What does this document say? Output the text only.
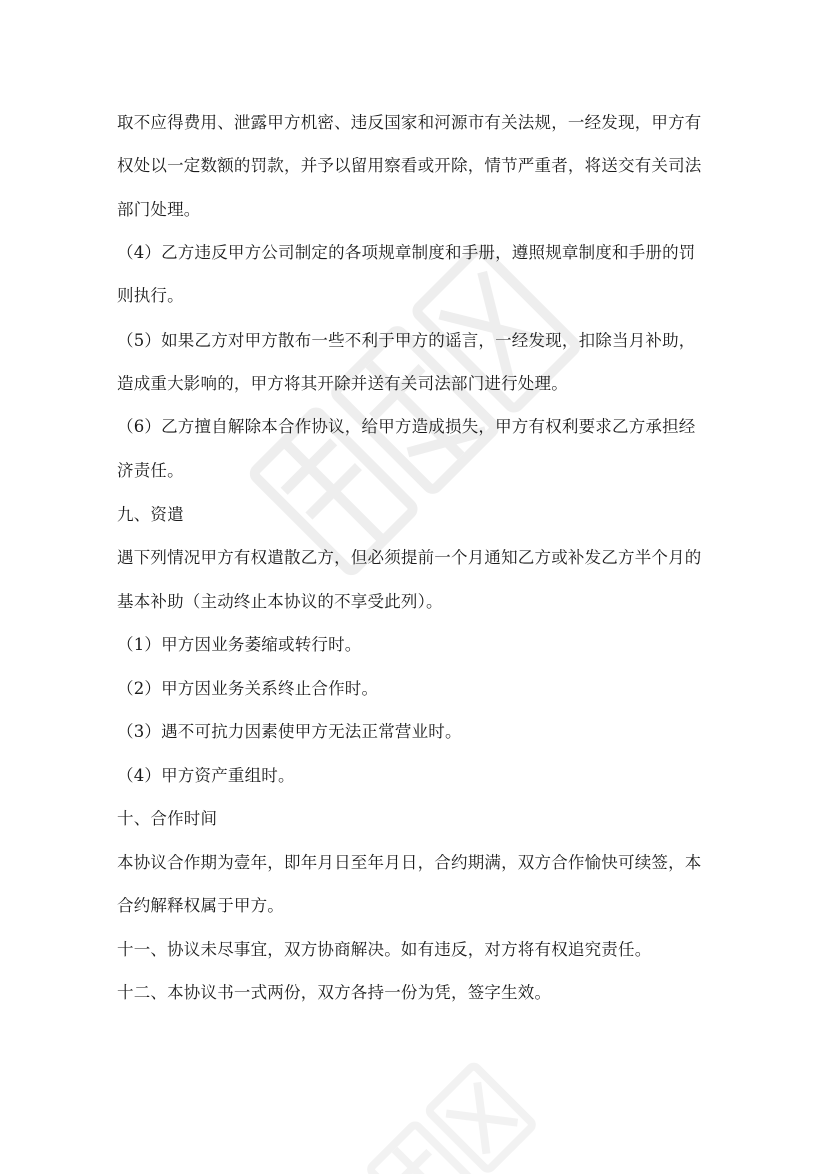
取不应得费用、泄露甲方机密、违反国家和河源市有关法规，一经发现，甲方有
权处以一定数额的罚款，并予以留用察看或开除，情节严重者，将送交有关司法
部门处理。
（4）乙方违反甲方公司制定的各项规章制度和手册，遵照规章制度和手册的罚
则执行。
（5）如果乙方对甲方散布一些不利于甲方的谣言，一经发现，扣除当月补助，
造成重大影响的，甲方将其开除并送有关司法部门进行处理。
（6）乙方擅自解除本合作协议，给甲方造成损失，甲方有权利要求乙方承担经
济责任。
九、资遣
遇下列情况甲方有权遣散乙方，但必须提前一个月通知乙方或补发乙方半个月的
基本补助（主动终止本协议的不享受此列）。
（1）甲方因业务萎缩或转行时。
（2）甲方因业务关系终止合作时。
（3）遇不可抗力因素使甲方无法正常营业时。
（4）甲方资产重组时。
十、合作时间
本协议合作期为壹年，即年月日至年月日，合约期满，双方合作愉快可续签，本
合约解释权属于甲方。
十一、协议未尽事宜，双方协商解决。如有违反，对方将有权追究责任。
十二、本协议书一式两份，双方各持一份为凭，签字生效。
